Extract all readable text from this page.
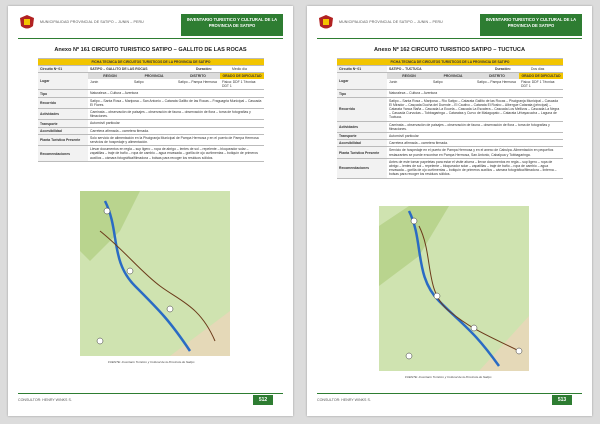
MUNICIPALIDAD PROVINCIAL DE SATIPO – JUNIN – PERU	INVENTARIO TURISTICO Y CULTURAL DE LA PROVINCIA DE SATIPO
Anexo Nº 161 CIRCUITO TURISTICO SATIPO – GALLITO DE LAS ROCAS
FICHA TECNICA DE CIRCUITOS TURISTICOS DE LA PROVINCIA DE SATIPO
Circuito Nº
01	SATIPO – GALLITO DE LAS ROCAS	Duración:	Medio día
Lugar
REGION	PROVINCIA	DISTRITO	GRADO DE DIFICULTAD
Junín	Satipo	Satipo – Pampa Hermosa	Fisica: DDF 1 Técnica: DDT 1
Tipo	Naturaleza – Cultura – Aventura
Recorrido
Satipo – Santa Rosa – Mariposa – San Antonio – Catarata Gallito de las Rocas – Fraguagria Municipal – Cascada El Flores.
Actividades
Caminata – observación de paisajes – observación de fauna – observación de flora – toma de fotografías y filmaciones.
Transporte	Automóvil particular
Accesibilidad	Carretera afirmada – carretera firmada.
Planta Turística Presente
Solo servicio de alimentación en la Piscigranja Municipal de Pampa Hermosa y en el puerto de Pampa Hermosa servicios de hospedaje y alimentación.
Recomendaciones
Llevar documentos en regla – sup ligero – ropa de abrigo – lentes de sol – repelente – bloqueador solar – zapatillas – traje de baño – ropa de cambio – agua envasada – gorilla de ojo curtimentas – botiquín de primeros auxilios – cámara fotográfica/filmadora – bolsas para recoger los residuos sólidos.
FUENTE: Inventario Turístico y Cultural de la Provincia de Satipo
CONSULTOR: HENRY WINKS S.	512
MUNICIPALIDAD PROVINCIAL DE SATIPO – JUNIN – PERU	INVENTARIO TURISTICO Y CULTURAL DE LA PROVINCIA DE SATIPO
Anexo Nº 162 CIRCUITO TURISTICO SATIPO – TUCTUCA
FICHA TECNICA DE CIRCUITOS TURISTICOS DE LA PROVINCIA DE SATIPO
Circuito Nº
01	SATIPO – TUCTUCA	Duración:	Dos días
Lugar
REGION	PROVINCIA	DISTRITO	GRADO DE DIFICULTAD
Junín	Satipo	Satipo – Pampa Hermosa	Fisica: DDF 1 Técnica: DDT 1
Tipo	Naturaleza – Cultura – Aventura
Recorrido
Satipo – Santa Rosa – Mariposa – Río Satipo – Catarata Gallito de las Rocas – Piscigranja Municipal – Cascada El Mirador – Cascada Ducha del Duende – El Cautivo – Catarata El Rosbo – Albergue Catarata (principal) – Catarata Yanca Ñaña – Cascada La Ecuela – Cascada La Escalera – Cascada Los Mellizos – Cascada La Negra – Cascada Curvudas – Tobbagaringa – Cataratas y Curvo de Malagupato – Catarata Urbayacucha – Laguna de Tuctuca.
Actividades
Caminata – observación de paisajes – observación de fauna – observación de flora – toma de fotografías y filmaciones.
Transporte	Automóvil particular
Accesibilidad	Carretera afirmada – carretera firmada.
Planta Turística Presente
Servicio de hospedaje en el puerto de Pampa Hermosa y en el anexo de Cabulpa. Alimentación en pequeños restaurantes se puede encontrar en Pampa Hermosa, San Antonio, Cabalpua y Tobbagaringa.
Recomendaciones
Antes de este tomar papeletas para estar el visite afuera – llevar documentos en regla – sup ligero – ropa de abrigo – lentes de sol – repelente – bloqueador solar – zapatillas – traje de baño – ropa de cambio – agua envasada – gorilla de ojo curtimentas – botiquín de primeros auxilios – cámara fotográfica/filmadora – linterna – bolsas para recoger los residuos sólidos.
FUENTE: Inventario Turístico y Cultural de la Provincia de Satipo
CONSULTOR: HENRY WINKS S.	513
